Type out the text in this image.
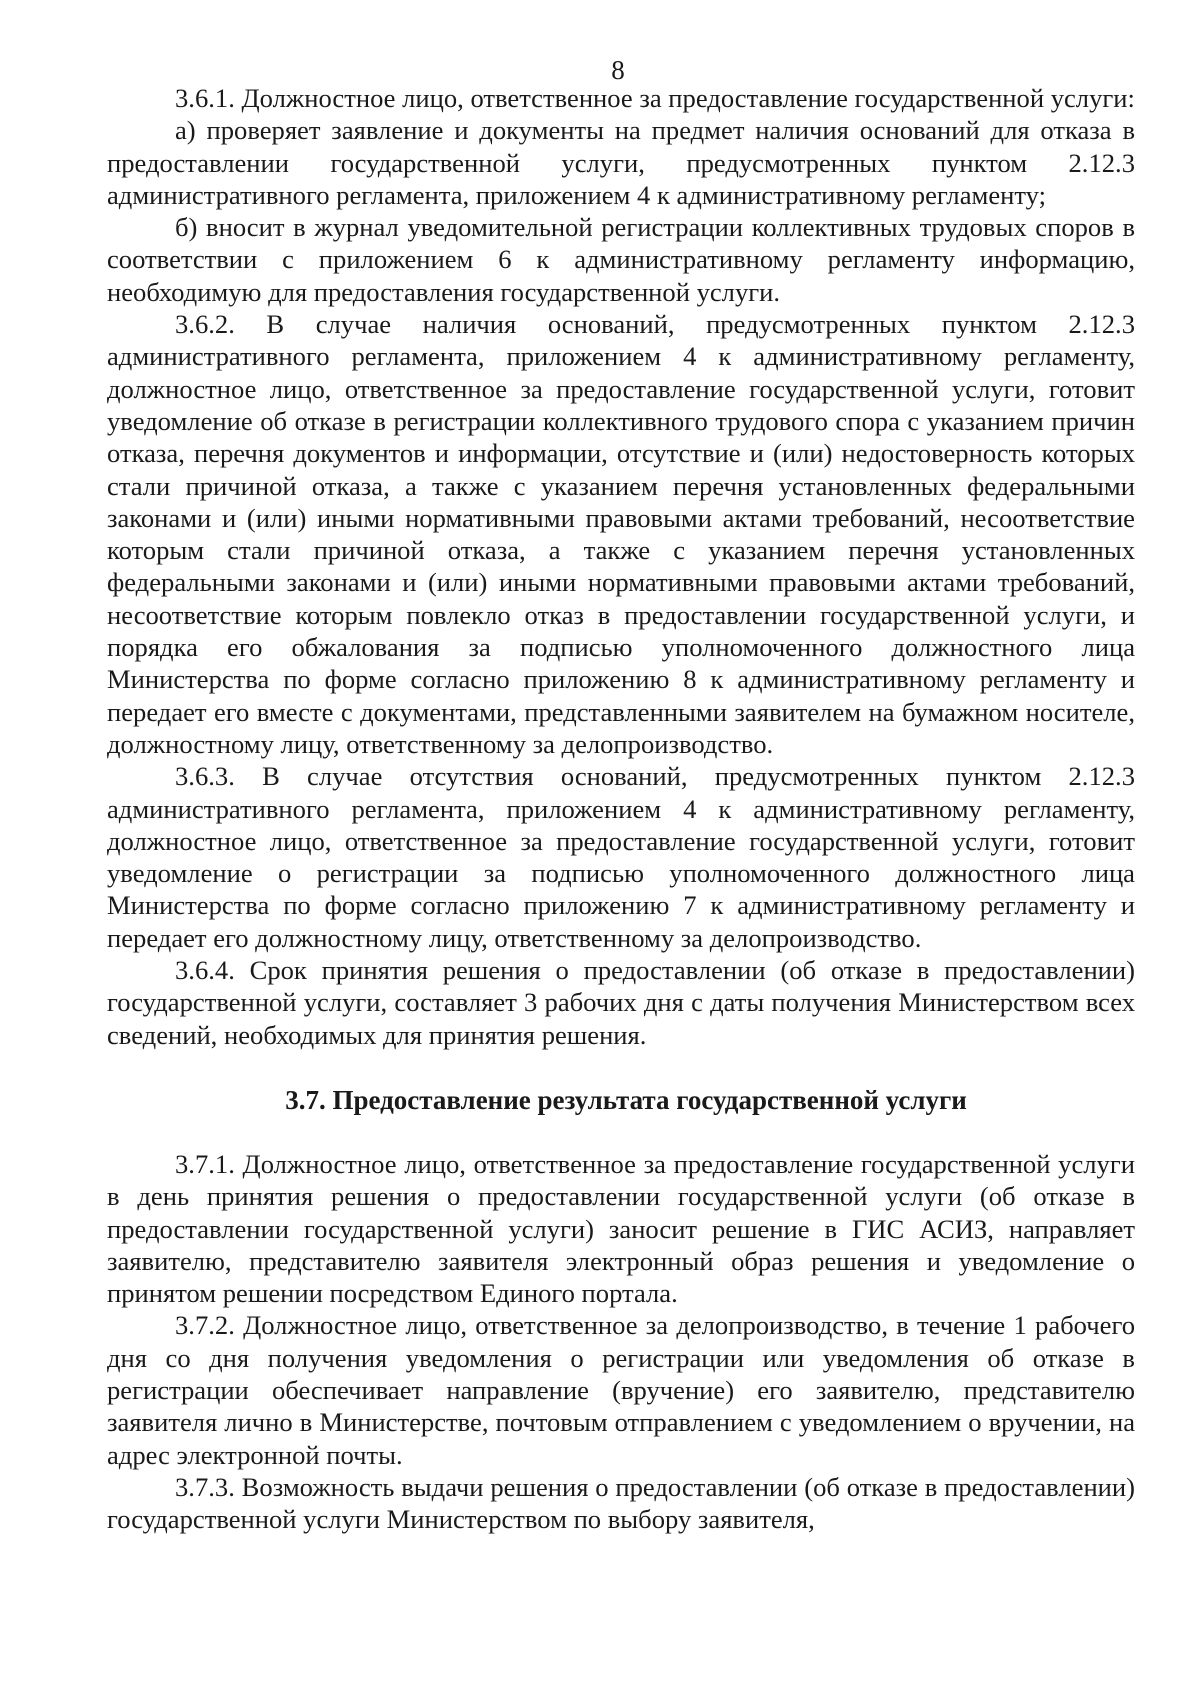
8

3.6.1. Должностное лицо, ответственное за предоставление государственной услуги:

а) проверяет заявление и документы на предмет наличия оснований для отказа в предоставлении государственной услуги, предусмотренных пунктом 2.12.3 административного регламента, приложением 4 к административному регламенту;

б) вносит в журнал уведомительной регистрации коллективных трудовых споров в соответствии с приложением 6 к административному регламенту информацию, необходимую для предоставления государственной услуги.

3.6.2. В случае наличия оснований, предусмотренных пунктом 2.12.3 административного регламента, приложением 4 к административному регламенту, должностное лицо, ответственное за предоставление государственной услуги, готовит уведомление об отказе в регистрации коллективного трудового спора с указанием причин отказа, перечня документов и информации, отсутствие и (или) недостоверность которых стали причиной отказа, а также с указанием перечня установленных федеральными законами и (или) иными нормативными правовыми актами требований, несоответствие которым стали причиной отказа, а также с указанием перечня установленных федеральными законами и (или) иными нормативными правовыми актами требований, несоответствие которым повлекло отказ в предоставлении государственной услуги, и порядка его обжалования за подписью уполномоченного должностного лица Министерства по форме согласно приложению 8 к административному регламенту и передает его вместе с документами, представленными заявителем на бумажном носителе, должностному лицу, ответственному за делопроизводство.

3.6.3. В случае отсутствия оснований, предусмотренных пунктом 2.12.3 административного регламента, приложением 4 к административному регламенту, должностное лицо, ответственное за предоставление государственной услуги, готовит уведомление о регистрации за подписью уполномоченного должностного лица Министерства по форме согласно приложению 7 к административному регламенту и передает его должностному лицу, ответственному за делопроизводство.

3.6.4. Срок принятия решения о предоставлении (об отказе в предоставлении) государственной услуги, составляет 3 рабочих дня с даты получения Министерством всех сведений, необходимых для принятия решения.

3.7. Предоставление результата государственной услуги

3.7.1. Должностное лицо, ответственное за предоставление государственной услуги в день принятия решения о предоставлении государственной услуги (об отказе в предоставлении государственной услуги) заносит решение в ГИС АСИЗ, направляет заявителю, представителю заявителя электронный образ решения и уведомление о принятом решении посредством Единого портала.

3.7.2. Должностное лицо, ответственное за делопроизводство, в течение 1 рабочего дня со дня получения уведомления о регистрации или уведомления об отказе в регистрации обеспечивает направление (вручение) его заявителю, представителю заявителя лично в Министерстве, почтовым отправлением с уведомлением о вручении, на адрес электронной почты.

3.7.3. Возможность выдачи решения о предоставлении (об отказе в предоставлении) государственной услуги Министерством по выбору заявителя,
